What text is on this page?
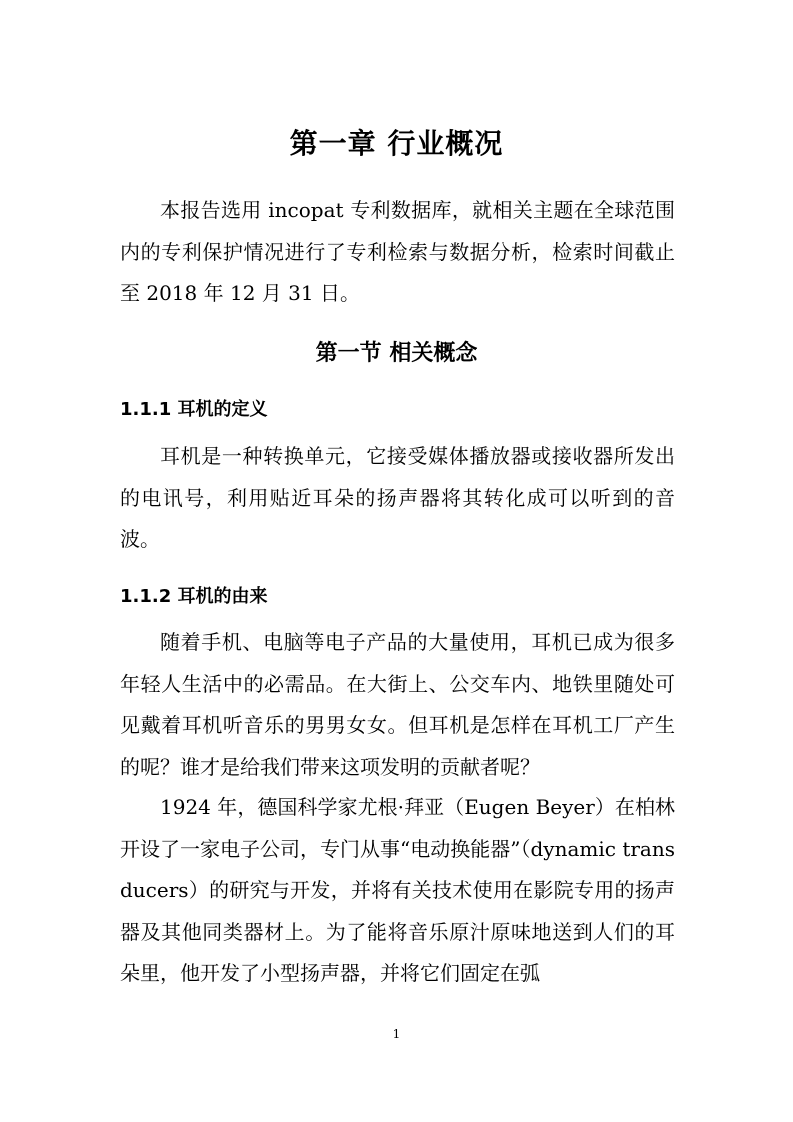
第一章 行业概况

本报告选用 incopat 专利数据库，就相关主题在全球范围内的专利保护情况进行了专利检索与数据分析，检索时间截止至 2018 年 12 月 31 日。

第一节 相关概念
1.1.1 耳机的定义

耳机是一种转换单元，它接受媒体播放器或接收器所发出的电讯号，利用贴近耳朵的扬声器将其转化成可以听到的音波。

1.1.2 耳机的由来

随着手机、电脑等电子产品的大量使用，耳机已成为很多年轻人生活中的必需品。在大街上、公交车内、地铁里随处可见戴着耳机听音乐的男男女女。但耳机是怎样在耳机工厂产生的呢？谁才是给我们带来这项发明的贡献者呢？

1924 年，德国科学家尤根·拜亚（Eugen Beyer）在柏林开设了一家电子公司，专门从事“电动换能器”（dynamic transducers）的研究与开发，并将有关技术使用在影院专用的扬声器及其他同类器材上。为了能将音乐原汁原味地送到人们的耳朵里，他开发了小型扬声器，并将它们固定在弧

1
